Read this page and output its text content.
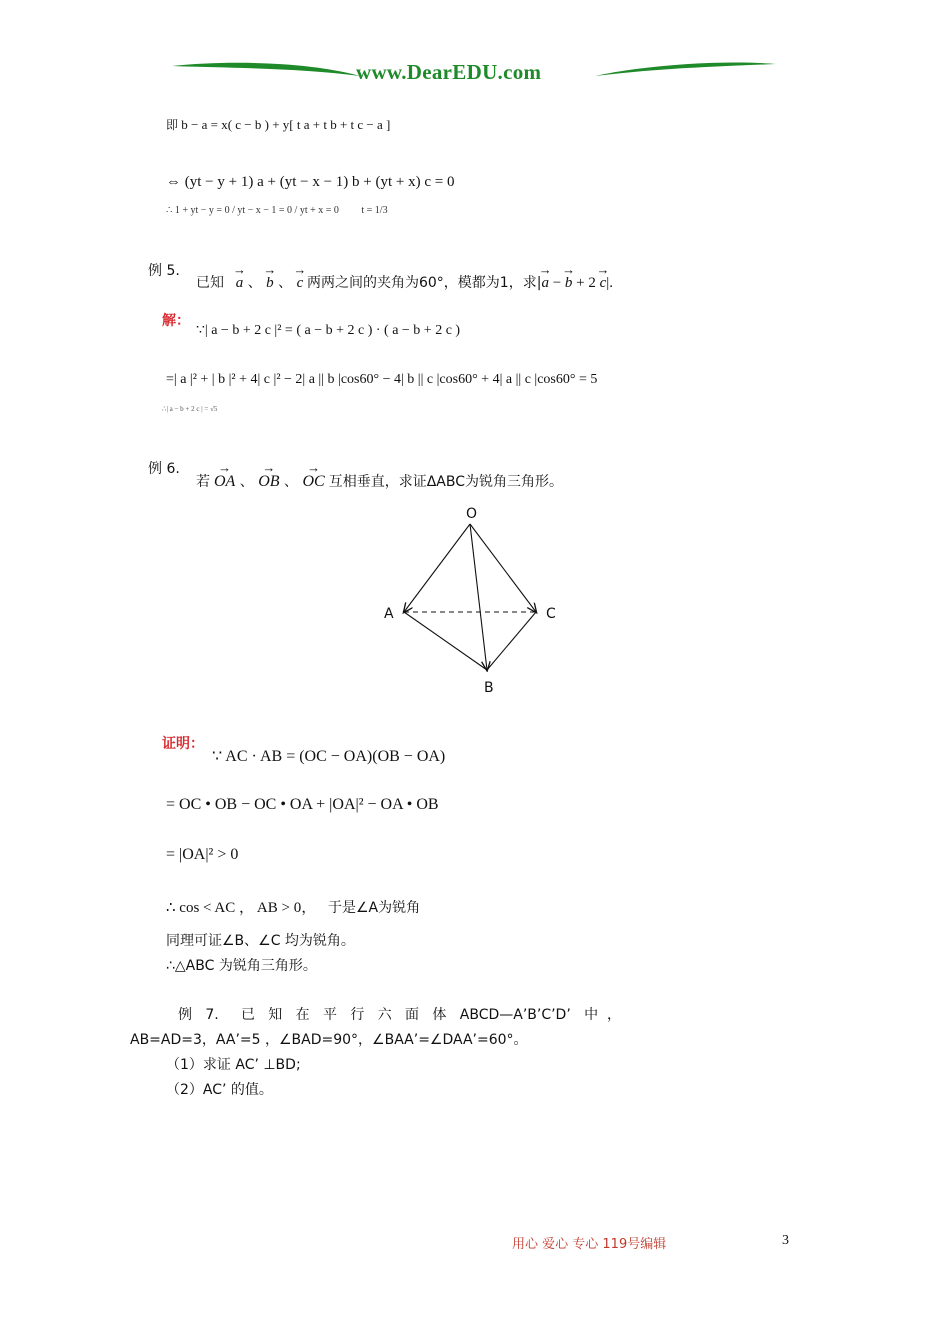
www.DearEDU.com
即 b − a = x( c − b ) + y[ t a + t b + t c − a ]
⇔ (yt − y + 1) a + (yt − x − 1) b + (yt + x) c = 0
∴ 1 + yt − y = 0 / yt − x − 1 = 0 / yt + x = 0 t = 1/3
例 5.
已知 → a 、 → b 、 → c 两两之间的夹角为60°，模都为1，求|→ a − → b + 2 → c|.
解：
∵| a − b + 2 c |² = ( a − b + 2 c ) · ( a − b + 2 c )
=| a |² + | b |² + 4| c |² − 2| a || b |cos60° − 4| b || c |cos60° + 4| a || c |cos60° = 5
∴| a − b + 2 c | = √5
例 6.
若 → OA 、 → OB 、 → OC 互相垂直，求证ΔABC为锐角三角形。
O
A	C
B
证明：
∵ AC · AB = (OC − OA)(OB − OA)
= OC • OB − OC • OA + |OA|² − OA • OB
= |OA|² > 0
∴ cos < AC ， AB > 0， 于是∠A为锐角
同理可证∠B、∠C 均为锐角。
∴△ABC 为锐角三角形。
例   7.     已   知   在   平   行   六   面   体   ABCD—A’B’C’D’   中  ，
AB=AD=3，AA’=5 ，∠BAD=90°，∠BAA’=∠DAA’=60°。
（1）求证 AC’ ⊥BD;
（2）AC’ 的值。
用心 爱心 专心 119号编辑	3
